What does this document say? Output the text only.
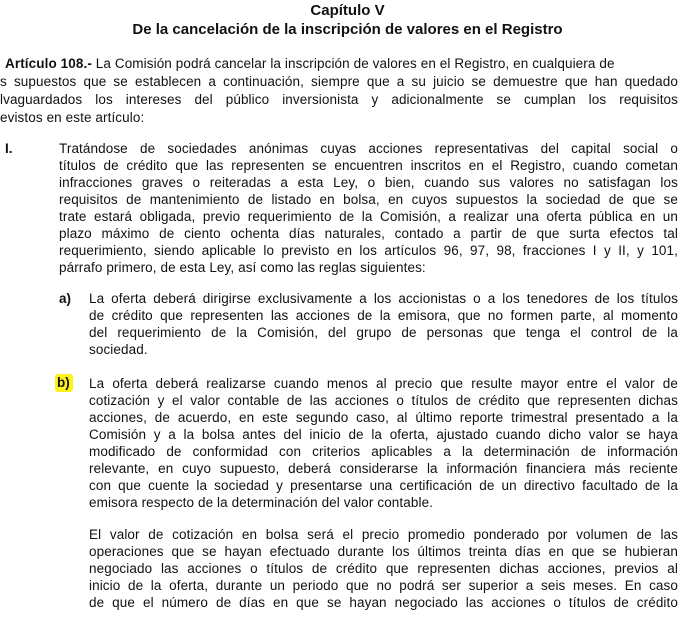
Capítulo V
De la cancelación de la inscripción de valores en el Registro
Artículo 108.- La Comisión podrá cancelar la inscripción de valores en el Registro, en cualquiera de
s supuestos que se establecen a continuación, siempre que a su juicio se demuestre que han quedado
lvaguardados los intereses del público inversionista y adicionalmente se cumplan los requisitos
evistos en este artículo:
I.	Tratándose de sociedades anónimas cuyas acciones representativas del capital social o
títulos de crédito que las representen se encuentren inscritos en el Registro, cuando cometan
infracciones graves o reiteradas a esta Ley, o bien, cuando sus valores no satisfagan los
requisitos de mantenimiento de listado en bolsa, en cuyos supuestos la sociedad de que se
trate estará obligada, previo requerimiento de la Comisión, a realizar una oferta pública en un
plazo máximo de ciento ochenta días naturales, contado a partir de que surta efectos tal
requerimiento, siendo aplicable lo previsto en los artículos 96, 97, 98, fracciones I y II, y 101,
párrafo primero, de esta Ley, así como las reglas siguientes:
a) La oferta deberá dirigirse exclusivamente a los accionistas o a los tenedores de los títulos
de crédito que representen las acciones de la emisora, que no formen parte, al momento
del requerimiento de la Comisión, del grupo de personas que tenga el control de la
sociedad.
b) La oferta deberá realizarse cuando menos al precio que resulte mayor entre el valor de
cotización y el valor contable de las acciones o títulos de crédito que representen dichas
acciones, de acuerdo, en este segundo caso, al último reporte trimestral presentado a la
Comisión y a la bolsa antes del inicio de la oferta, ajustado cuando dicho valor se haya
modificado de conformidad con criterios aplicables a la determinación de información
relevante, en cuyo supuesto, deberá considerarse la información financiera más reciente
con que cuente la sociedad y presentarse una certificación de un directivo facultado de la
emisora respecto de la determinación del valor contable.
El valor de cotización en bolsa será el precio promedio ponderado por volumen de las
operaciones que se hayan efectuado durante los últimos treinta días en que se hubieran
negociado las acciones o títulos de crédito que representen dichas acciones, previos al
inicio de la oferta, durante un periodo que no podrá ser superior a seis meses. En caso
de que el número de días en que se hayan negociado las acciones o títulos de crédito
